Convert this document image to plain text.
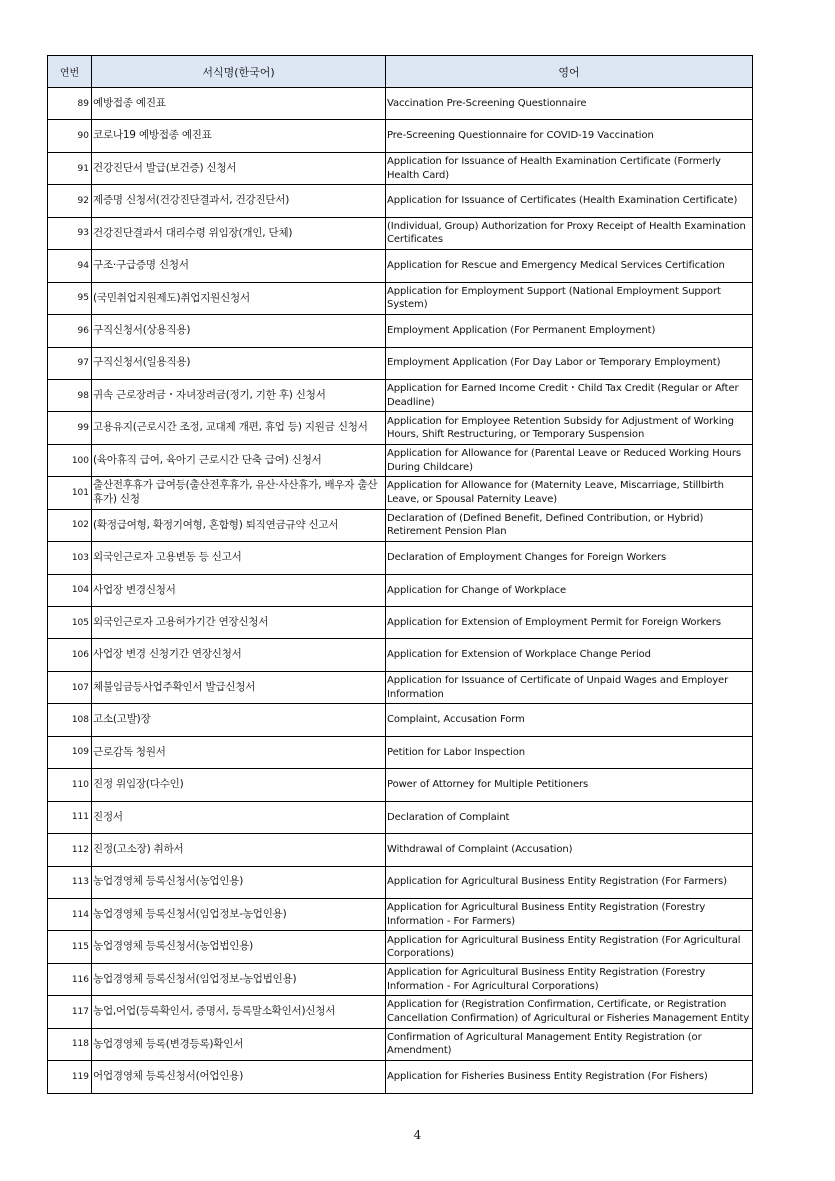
연번	서식명(한국어)	영어
89	예방접종 예진표	Vaccination Pre-Screening Questionnaire
90	코로나19 예방접종 예진표	Pre-Screening Questionnaire for COVID-19 Vaccination
91	건강진단서 발급(보건증) 신청서	Application for Issuance of Health Examination Certificate (Formerly Health Card)
92	제증명 신청서(건강진단결과서, 건강진단서)	Application for Issuance of Certificates (Health Examination Certificate)
93	건강진단결과서 대리수령 위임장(개인, 단체)	(Individual, Group) Authorization for Proxy Receipt of Health Examination Certificates
94	구조·구급증명 신청서	Application for Rescue and Emergency Medical Services Certification
95	(국민취업지원제도)취업지원신청서	Application for Employment Support (National Employment Support System)
96	구직신청서(상용직용)	Employment Application (For Permanent Employment)
97	구직신청서(일용직용)	Employment Application (For Day Labor or Temporary Employment)
98	귀속 근로장려금・자녀장려금(정기, 기한 후) 신청서	Application for Earned Income Credit・Child Tax Credit (Regular or After Deadline)
99	고용유지(근로시간 조정, 교대제 개편, 휴업 등) 지원금 신청서	Application for Employee Retention Subsidy for Adjustment of Working Hours, Shift Restructuring, or Temporary Suspension
100	(육아휴직 급여, 육아기 근로시간 단축 급여) 신청서	Application for Allowance for (Parental Leave or Reduced Working Hours During Childcare)
101	출산전후휴가 급여등(출산전후휴가, 유산·사산휴가, 배우자 출산휴가) 신청	Application for Allowance for (Maternity Leave, Miscarriage, Stillbirth Leave, or Spousal Paternity Leave)
102	(확정급여형, 확정기여형, 혼합형) 퇴직연금규약 신고서	Declaration of (Defined Benefit, Defined Contribution, or Hybrid) Retirement Pension Plan
103	외국인근로자 고용변동 등 신고서	Declaration of Employment Changes for Foreign Workers
104	사업장 변경신청서	Application for Change of Workplace
105	외국인근로자 고용허가기간 연장신청서	Application for Extension of Employment Permit for Foreign Workers
106	사업장 변경 신청기간 연장신청서	Application for Extension of Workplace Change Period
107	체불임금등사업주확인서 발급신청서	Application for Issuance of Certificate of Unpaid Wages and Employer Information
108	고소(고발)장	Complaint, Accusation Form
109	근로감독 청원서	Petition for Labor Inspection
110	진정 위임장(다수인)	Power of Attorney for Multiple Petitioners
111	진정서	Declaration of Complaint
112	진정(고소장) 취하서	Withdrawal of Complaint (Accusation)
113	농업경영체 등록신청서(농업인용)	Application for Agricultural Business Entity Registration (For Farmers)
114	농업경영체 등록신청서(임업정보-농업인용)	Application for Agricultural Business Entity Registration (Forestry Information - For Farmers)
115	농업경영체 등록신청서(농업법인용)	Application for Agricultural Business Entity Registration (For Agricultural Corporations)
116	농업경영체 등록신청서(임업정보-농업법인용)	Application for Agricultural Business Entity Registration (Forestry Information - For Agricultural Corporations)
117	농업,어업(등록확인서, 증명서, 등록말소확인서)신청서	Application for (Registration Confirmation, Certificate, or Registration Cancellation Confirmation) of Agricultural or Fisheries Management Entity
118	농업경영체 등록(변경등록)확인서	Confirmation of Agricultural Management Entity Registration (or Amendment)
119	어업경영체 등록신청서(어업인용)	Application for Fisheries Business Entity Registration (For Fishers)
4
